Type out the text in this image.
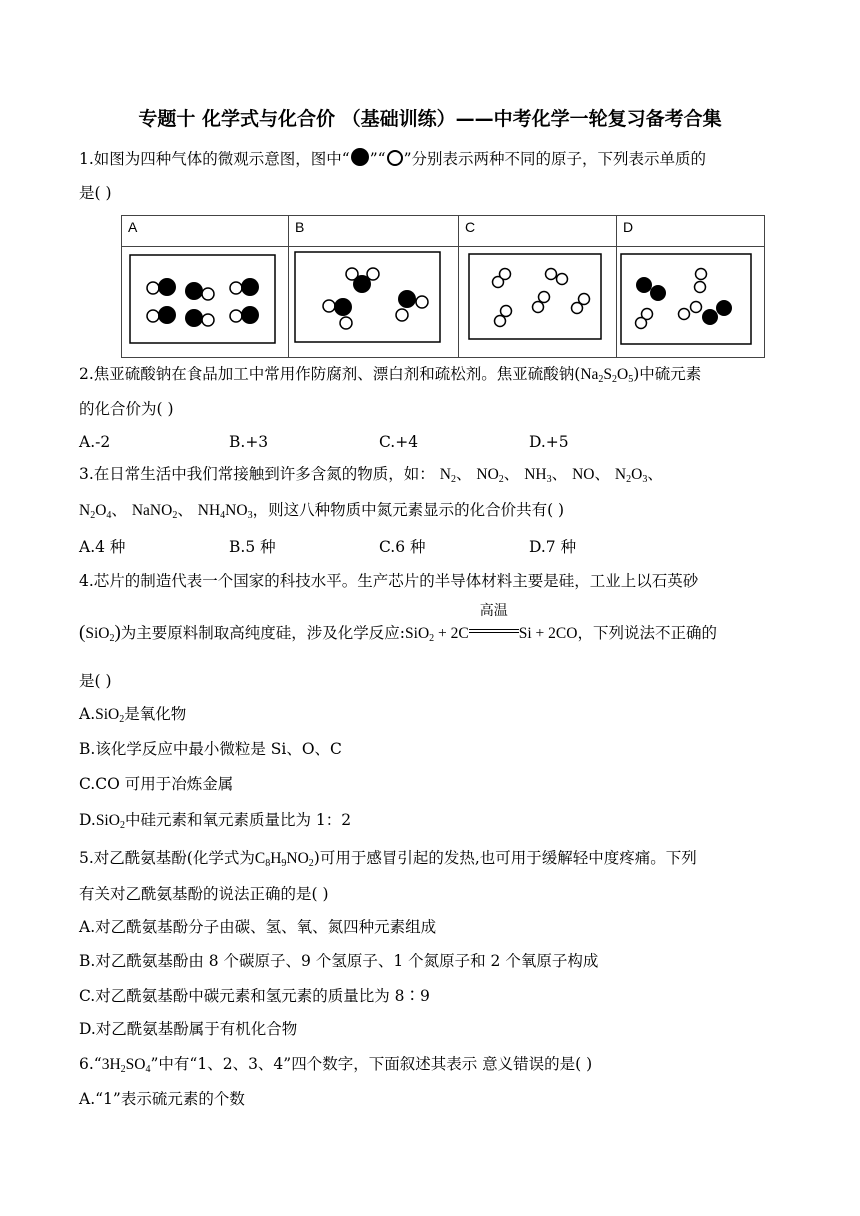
专题十 化学式与化合价 （基础训练）——中考化学一轮复习备考合集
1.如图为四种气体的微观示意图，图中“ ”“ ”分别表示两种不同的原子，下列表示单质的
是( )
A	B	C	D

2.焦亚硫酸钠在食品加工中常用作防腐剂、漂白剂和疏松剂。焦亚硫酸钠$(Na_2S_2O_5)$中硫元素
的化合价为( )
A.-2	B.+3	C.+4	D.+5
3.在日常生活中我们常接触到许多含氮的物质，如： $N_2$、 $NO_2$、 $NH_3$、 NO、 $N_2O_3$、
$N_2O_4$、 NaNO$_2$、 $NH_4NO_3$，则这八种物质中氮元素显示的化合价共有( )
A.4 种	B.5 种	C.6 种	D.7 种
4.芯片的制造代表一个国家的科技水平。生产芯片的半导体材料主要是硅，工业上以石英砂
(SiO$_2$)为主要原料制取高纯度硅，涉及化学反应:SiO$_2$ + 2C
高温
Si + 2CO，下列说法不正确的
是( )
A.SiO$_2$是氧化物
B.该化学反应中最小微粒是 Si、O、C
C.CO 可用于冶炼金属
D.SiO$_2$中硅元素和氧元素质量比为 1：2
5.对乙酰氨基酚(化学式为$C_8H_9NO_2$)可用于感冒引起的发热,也可用于缓解轻中度疼痛。下列
有关对乙酰氨基酚的说法正确的是( )
A.对乙酰氨基酚分子由碳、氢、氧、氮四种元素组成
B.对乙酰氨基酚由 8 个碳原子、9 个氢原子、1 个氮原子和 2 个氧原子构成
C.对乙酰氨基酚中碳元素和氢元素的质量比为 8∶9
D.对乙酰氨基酚属于有机化合物
$6.“3H_2SO_4$”中有“1、2、3、4”四个数字，下面叙述其表示 意义错误的是( )
A.“1”表示硫元素的个数
